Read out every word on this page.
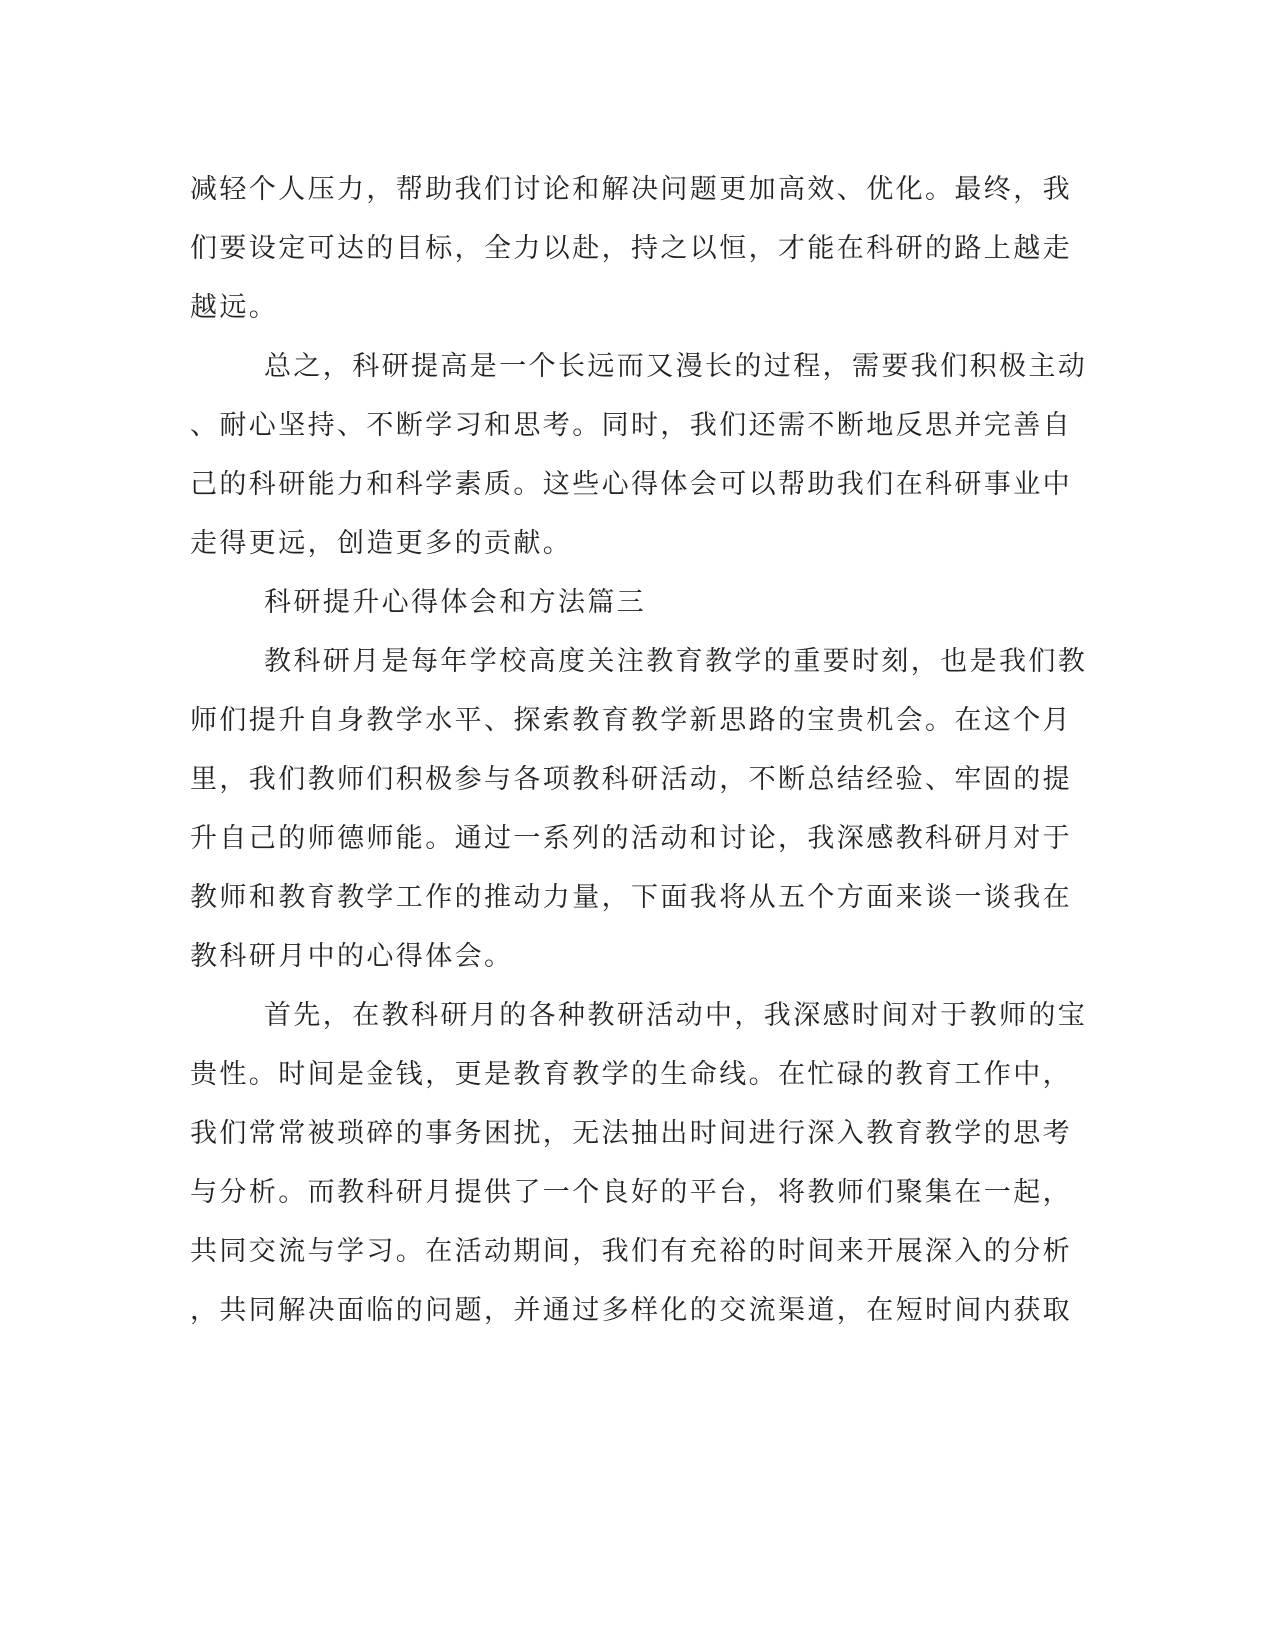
减轻个人压力，帮助我们讨论和解决问题更加高效、优化。最终，我
们要设定可达的目标，全力以赴，持之以恒，才能在科研的路上越走
越远。
总之，科研提高是一个长远而又漫长的过程，需要我们积极主动
、耐心坚持、不断学习和思考。同时，我们还需不断地反思并完善自
己的科研能力和科学素质。这些心得体会可以帮助我们在科研事业中
走得更远，创造更多的贡献。
科研提升心得体会和方法篇三
教科研月是每年学校高度关注教育教学的重要时刻，也是我们教
师们提升自身教学水平、探索教育教学新思路的宝贵机会。在这个月
里，我们教师们积极参与各项教科研活动，不断总结经验、牢固的提
升自己的师德师能。通过一系列的活动和讨论，我深感教科研月对于
教师和教育教学工作的推动力量，下面我将从五个方面来谈一谈我在
教科研月中的心得体会。
首先，在教科研月的各种教研活动中，我深感时间对于教师的宝
贵性。时间是金钱，更是教育教学的生命线。在忙碌的教育工作中，
我们常常被琐碎的事务困扰，无法抽出时间进行深入教育教学的思考
与分析。而教科研月提供了一个良好的平台，将教师们聚集在一起，
共同交流与学习。在活动期间，我们有充裕的时间来开展深入的分析
，共同解决面临的问题，并通过多样化的交流渠道，在短时间内获取
